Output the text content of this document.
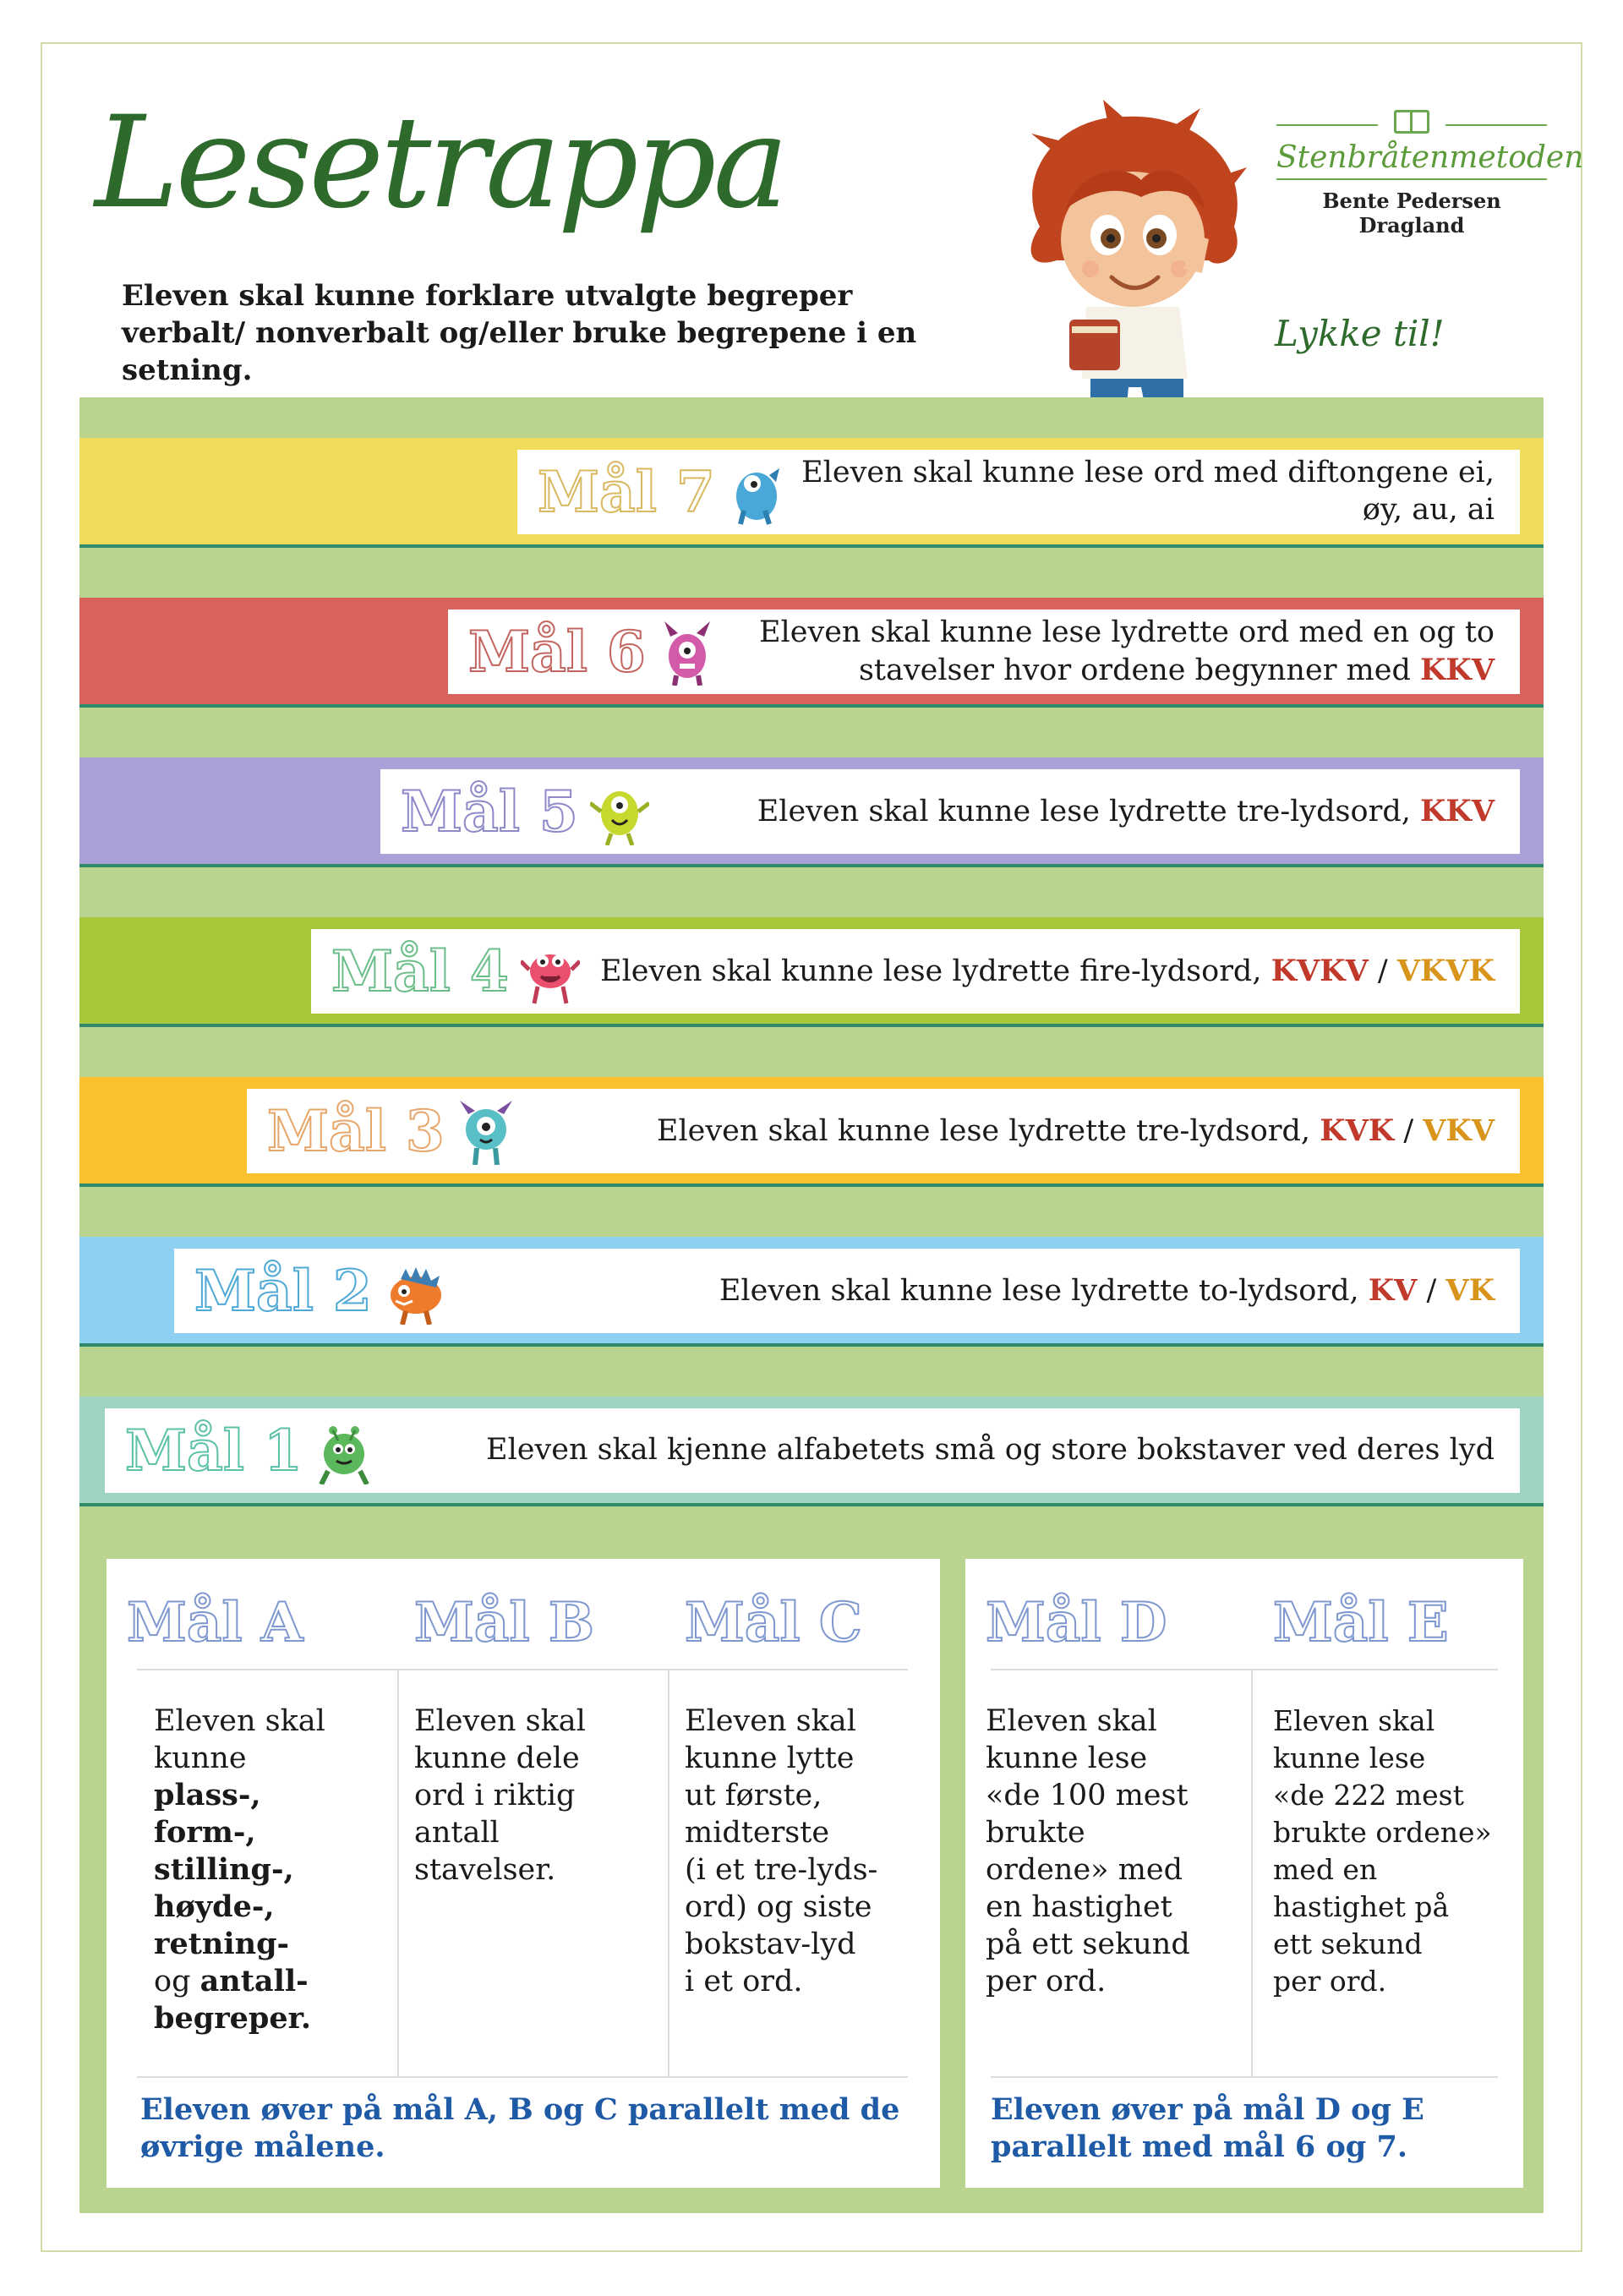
Lesetrappa
Eleven skal kunne forklare utvalgte begreper verbalt/ nonverbalt og/eller bruke begrepene i en setning.
Stenbråtenmetoden
Bente Pedersen Dragland
Lykke til!
Mål 7	Eleven skal kunne lese ord med diftongene ei, øy, au, ai
Mål 6	Eleven skal kunne lese lydrette ord med en og to
stavelser hvor ordene begynner med KKV
Mål 5	Eleven skal kunne lese lydrette tre-lydsord, KKV
Mål 4	Eleven skal kunne lese lydrette fire-lydsord, KVKV / VKVK
Mål 3	Eleven skal kunne lese lydrette tre-lydsord, KVK / VKV
Mål 2	Eleven skal kunne lese lydrette to-lydsord, KV / VK
Mål 1	Eleven skal kjenne alfabetets små og store bokstaver ved deres lyd
Mål A
Eleven skal
kunne
plass-,
form-,
stilling-,
høyde-,
retning-
og antall-
begreper.
Mål B
Eleven skal
kunne dele
ord i riktig
antall
stavelser.
Mål C
Eleven skal
kunne lytte
ut første,
midterste
(i et tre-lyds-
ord) og siste
bokstav-lyd
i et ord.
Eleven øver på mål A, B og C parallelt med de
øvrige målene.
Mål D
Eleven skal
kunne lese
«de 100 mest
brukte
ordene» med
en hastighet
på ett sekund
per ord.
Mål E
Eleven skal
kunne lese
«de 222 mest
brukte ordene»
med en
hastighet på
ett sekund
per ord.
Eleven øver på mål D og E
parallelt med mål 6 og 7.
